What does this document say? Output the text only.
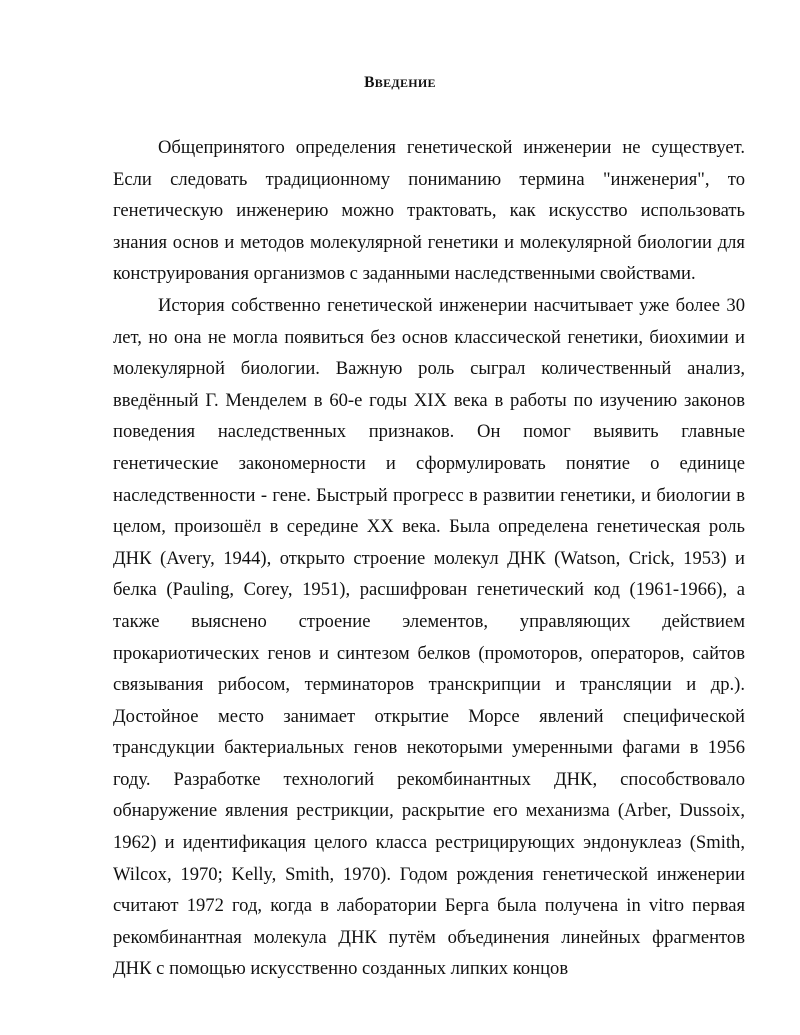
ВВЕДЕНИЕ

Общепринятого определения генетической инженерии не существует. Если следовать традиционному пониманию термина "инженерия", то генетическую инженерию можно трактовать, как искусство использовать знания основ и методов молекулярной генетики и молекулярной биологии для конструирования организмов с заданными наследственными свойствами.

История собственно генетической инженерии насчитывает уже более 30 лет, но она не могла появиться без основ классической генетики, биохимии и молекулярной биологии. Важную роль сыграл количественный анализ, введённый Г. Менделем в 60-е годы XIX века в работы по изучению законов поведения наследственных признаков. Он помог выявить главные генетические закономерности и сформулировать понятие о единице наследственности - гене. Быстрый прогресс в развитии генетики, и биологии в целом, произошёл в середине XX века. Была определена генетическая роль ДНК (Avery, 1944), открыто строение молекул ДНК (Watson, Crick, 1953) и белка (Pauling, Corey, 1951), расшифрован генетический код (1961-1966), а также выяснено строение элементов, управляющих действием прокариотических генов и синтезом белков (промоторов, операторов, сайтов связывания рибосом, терминаторов транскрипции и трансляции и др.). Достойное место занимает открытие Морсе явлений специфической трансдукции бактериальных генов некоторыми умеренными фагами в 1956 году. Разработке технологий рекомбинантных ДНК, способствовало обнаружение явления рестрикции, раскрытие его механизма (Arber, Dussoix, 1962) и идентификация целого класса рестрицирующих эндонуклеаз (Smith, Wilcox, 1970; Kelly, Smith, 1970). Годом рождения генетической инженерии считают 1972 год, когда в лаборатории Берга была получена in vitro первая рекомбинантная молекула ДНК путём объединения линейных фрагментов ДНК с помощью искусственно созданных липких концов
